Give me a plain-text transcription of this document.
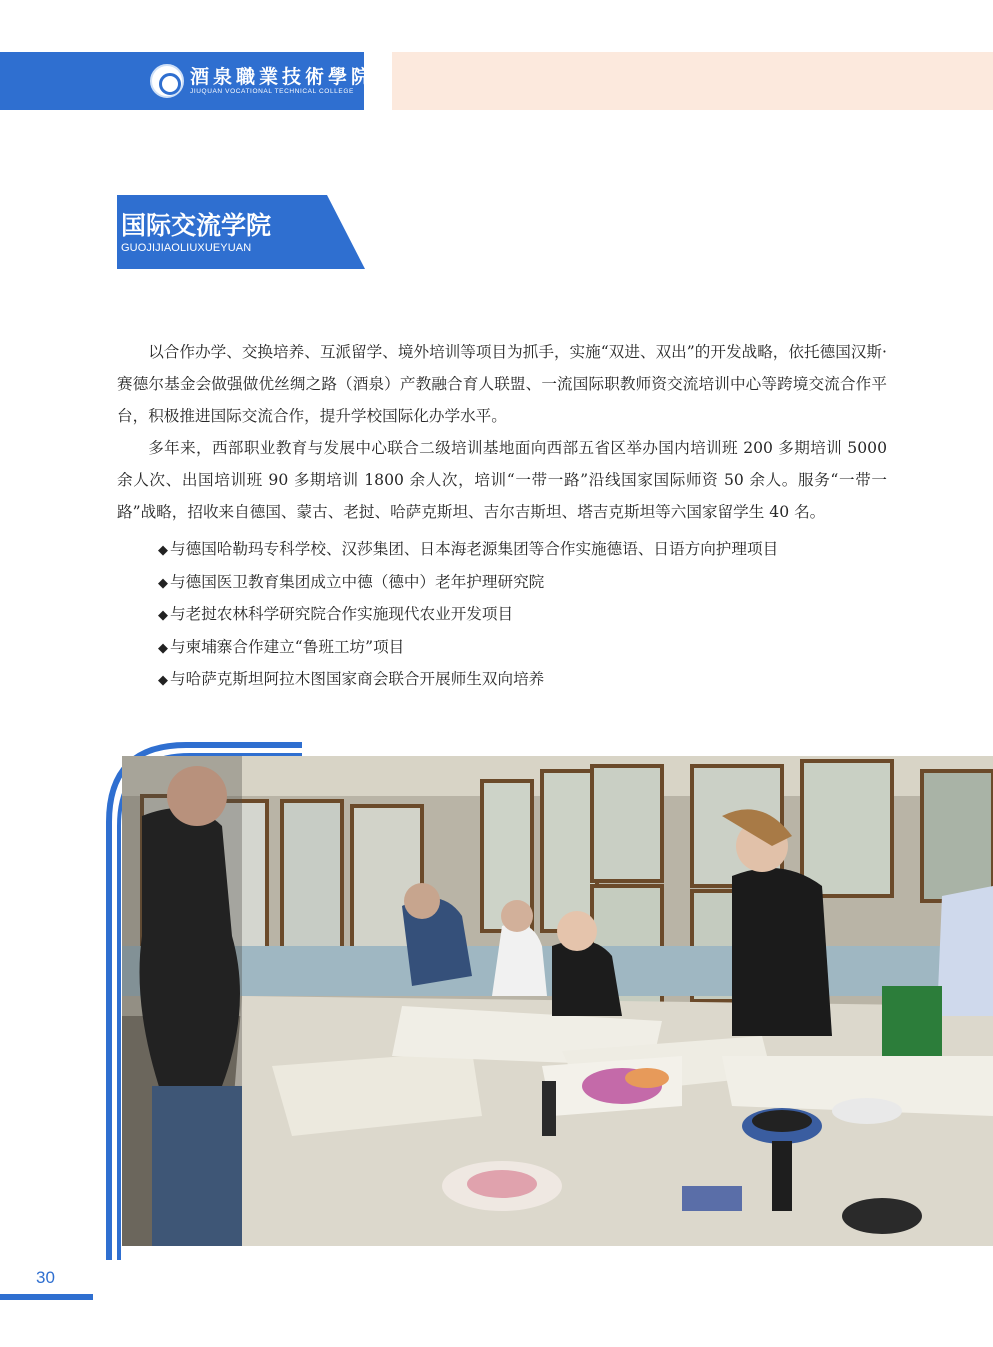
酒泉職業技術學院
JIUQUAN VOCATIONAL TECHNICAL COLLEGE
国际交流学院
GUOJIJIAOLIUXUEYUAN

以合作办学、交换培养、互派留学、境外培训等项目为抓手，实施“双进、双出”的开发战略，依托德国汉斯·赛德尔基金会做强做优丝绸之路（酒泉）产教融合育人联盟、一流国际职教师资交流培训中心等跨境交流合作平台，积极推进国际交流合作，提升学校国际化办学水平。

多年来，西部职业教育与发展中心联合二级培训基地面向西部五省区举办国内培训班 200 多期培训 5000 余人次、出国培训班 90 多期培训 1800 余人次，培训“一带一路”沿线国家国际师资 50 余人。服务“一带一路”战略，招收来自德国、蒙古、老挝、哈萨克斯坦、吉尔吉斯坦、塔吉克斯坦等六国家留学生 40 名。

◆ 与德国哈勒玛专科学校、汉莎集团、日本海老源集团等合作实施德语、日语方向护理项目
◆ 与德国医卫教育集团成立中德（德中）老年护理研究院
◆ 与老挝农林科学研究院合作实施现代农业开发项目
◆ 与柬埔寨合作建立“鲁班工坊”项目
◆ 与哈萨克斯坦阿拉木图国家商会联合开展师生双向培养
30
